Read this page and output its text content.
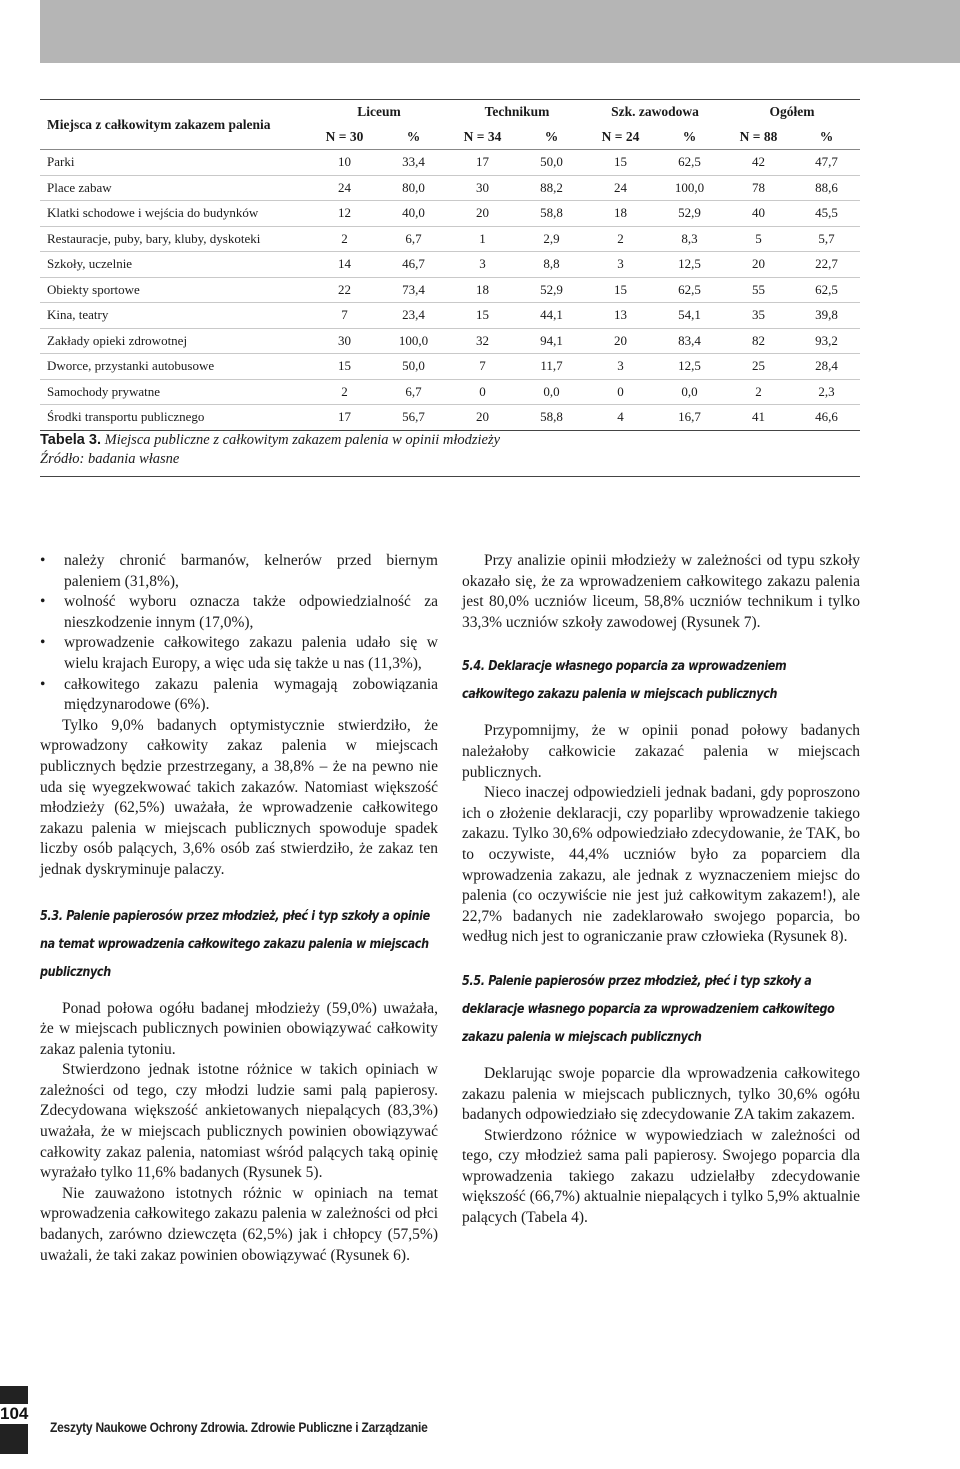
Miejsca z całkowitym zakazem palenia	Liceum		Technikum		Szk. zawodowa		Ogółem	
	N = 30	%	N = 34	%	N = 24	%	N = 88	%
Parki	10	33,4	17	50,0	15	62,5	42	47,7
Place zabaw	24	80,0	30	88,2	24	100,0	78	88,6
Klatki schodowe i wejścia do budynków	12	40,0	20	58,8	18	52,9	40	45,5
Restauracje, puby, bary, kluby, dyskoteki	2	6,7	1	2,9	2	8,3	5	5,7
Szkoły, uczelnie	14	46,7	3	8,8	3	12,5	20	22,7
Obiekty sportowe	22	73,4	18	52,9	15	62,5	55	62,5
Kina, teatry	7	23,4	15	44,1	13	54,1	35	39,8
Zakłady opieki zdrowotnej	30	100,0	32	94,1	20	83,4	82	93,2
Dworce, przystanki autobusowe	15	50,0	7	11,7	3	12,5	25	28,4
Samochody prywatne	2	6,7	0	0,0	0	0,0	2	2,3
Środki transportu publicznego	17	56,7	20	58,8	4	16,7	41	46,6
Tabela 3. Miejsca publiczne z całkowitym zakazem palenia w opinii młodzieży
Źródło: badania własne
• należy chronić barmanów, kelnerów przed biernym paleniem (31,8%),
• wolność wyboru oznacza także odpowiedzialność za nieszkodzenie innym (17,0%),
• wprowadzenie całkowitego zakazu palenia udało się w wielu krajach Europy, a więc uda się także u nas (11,3%),
• całkowitego zakazu palenia wymagają zobowiązania międzynarodowe (6%).

Tylko 9,0% badanych optymistycznie stwierdziło, że wprowadzony całkowity zakaz palenia w miejscach publicznych będzie przestrzegany, a 38,8% – że na pewno nie uda się wyegzekwować takich zakazów. Natomiast większość młodzieży (62,5%) uważała, że wprowadzenie całkowitego zakazu palenia w miejscach publicznych spowoduje spadek liczby osób palących, 3,6% osób zaś stwierdziło, że zakaz ten jednak dyskryminuje palaczy.

5.3. Palenie papierosów przez młodzież, płeć i typ szkoły a opinie na temat wprowadzenia całkowitego zakazu palenia w miejscach publicznych

Ponad połowa ogółu badanej młodzieży (59,0%) uważała, że w miejscach publicznych powinien obowiązywać całkowity zakaz palenia tytoniu.

Stwierdzono jednak istotne różnice w takich opiniach w zależności od tego, czy młodzi ludzie sami palą papierosy. Zdecydowana większość ankietowanych niepalących (83,3%) uważała, że w miejscach publicznych powinien obowiązywać całkowity zakaz palenia, natomiast wśród palących taką opinię wyrażało tylko 11,6% badanych (Rysunek 5).

Nie zauważono istotnych różnic w opiniach na temat wprowadzenia całkowitego zakazu palenia w zależności od płci badanych, zarówno dziewczęta (62,5%) jak i chłopcy (57,5%) uważali, że taki zakaz powinien obowiązywać (Rysunek 6).

Przy analizie opinii młodzieży w zależności od typu szkoły okazało się, że za wprowadzeniem całkowitego zakazu palenia jest 80,0% uczniów liceum, 58,8% uczniów technikum i tylko 33,3% uczniów szkoły zawodowej (Rysunek 7).

5.4. Deklaracje własnego poparcia za wprowadzeniem całkowitego zakazu palenia w miejscach publicznych

Przypomnijmy, że w opinii ponad połowy badanych należałoby całkowicie zakazać palenia w miejscach publicznych.

Nieco inaczej odpowiedzieli jednak badani, gdy poproszono ich o złożenie deklaracji, czy poparliby wprowadzenie takiego zakazu. Tylko 30,6% odpowiedziało zdecydowanie, że TAK, bo to oczywiste, 44,4% uczniów było za poparciem dla wprowadzenia zakazu, ale jednak z wyznaczeniem miejsc do palenia (co oczywiście nie jest już całkowitym zakazem!), ale 22,7% badanych nie zadeklarowało swojego poparcia, bo według nich jest to ograniczanie praw człowieka (Rysunek 8).

5.5. Palenie papierosów przez młodzież, płeć i typ szkoły a deklaracje własnego poparcia za wprowadzeniem całkowitego zakazu palenia w miejscach publicznych

Deklarując swoje poparcie dla wprowadzenia całkowitego zakazu palenia w miejscach publicznych, tylko 30,6% ogółu badanych odpowiedziało się zdecydowanie ZA takim zakazem.

Stwierdzono różnice w wypowiedziach w zależności od tego, czy młodzież sama pali papierosy. Swojego poparcia dla wprowadzenia takiego zakazu udzielałby zdecydowanie większość (66,7%) aktualnie niepalących i tylko 5,9% aktualnie palących (Tabela 4).

104
Zeszyty Naukowe Ochrony Zdrowia. Zdrowie Publiczne i Zarządzanie
